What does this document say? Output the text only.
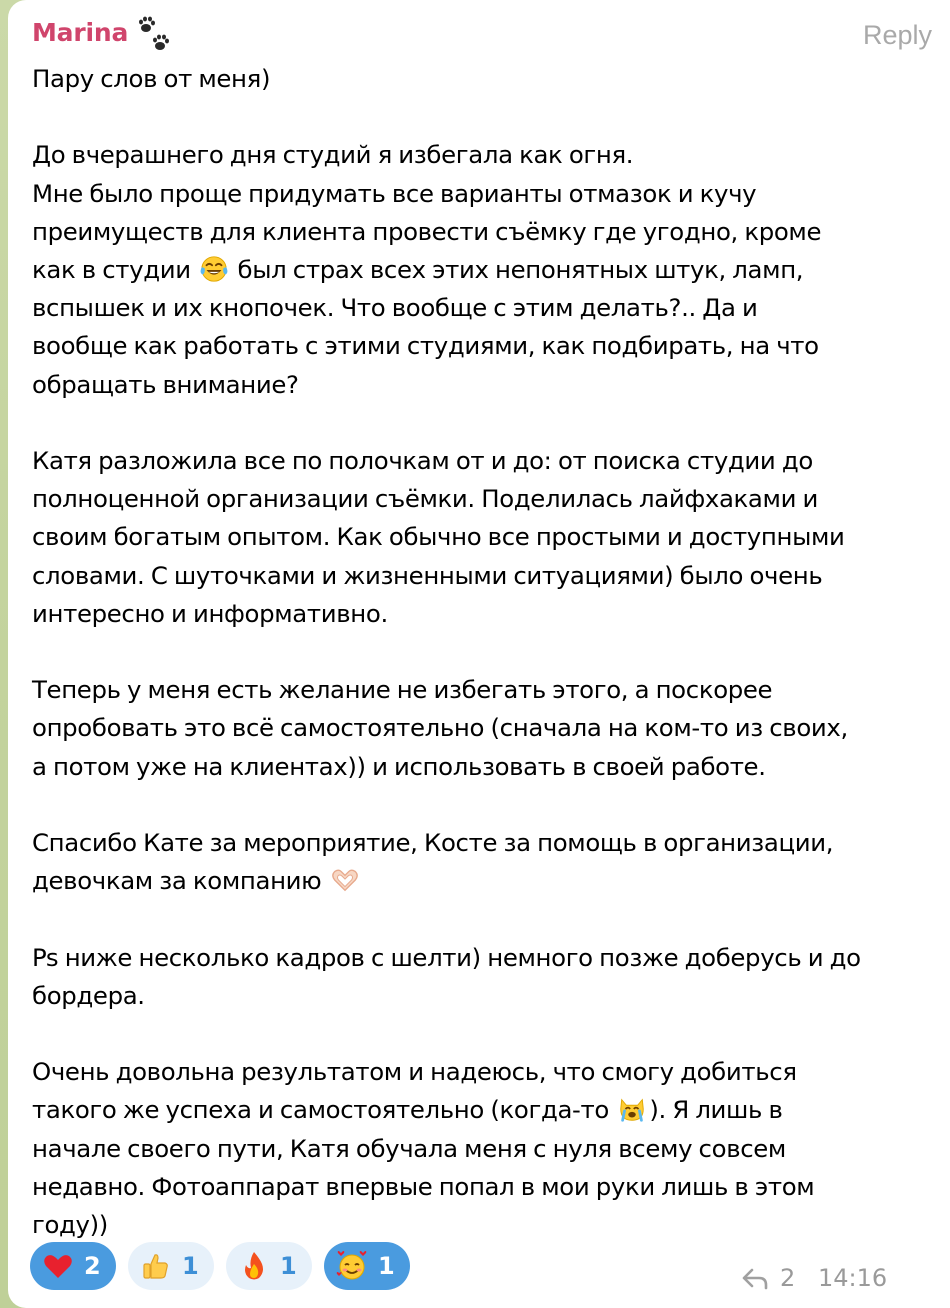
Marina	Reply
Пару слов от меня)

До вчерашнего дня студий я избегала как огня.
Мне было проще придумать все варианты отмазок и кучу
преимуществ для клиента провести съёмку где угодно, кроме
как в студии  был страх всех этих непонятных штук, ламп,
вспышек и их кнопочек. Что вообще с этим делать?.. Да и
вообще как работать с этими студиями, как подбирать, на что
обращать внимание?

Катя разложила все по полочкам от и до: от поиска студии до
полноценной организации съёмки. Поделилась лайфхаками и
своим богатым опытом. Как обычно все простыми и доступными
словами. С шуточками и жизненными ситуациями) было очень
интересно и информативно.

Теперь у меня есть желание не избегать этого, а поскорее
опробовать это всё самостоятельно (сначала на ком-то из своих,
а потом уже на клиентах)) и использовать в своей работе.

Спасибо Кате за мероприятие, Косте за помощь в организации,
девочкам за компанию

Ps ниже несколько кадров с шелти) немного позже доберусь и до
бордера.

Очень довольна результатом и надеюсь, что смогу добиться
такого же успеха и самостоятельно (когда-то ). Я лишь в
начале своего пути, Катя обучала меня с нуля всему совсем
недавно. Фотоаппарат впервые попал в мои руки лишь в этом
году))
2	1	1	1	2 14:16
